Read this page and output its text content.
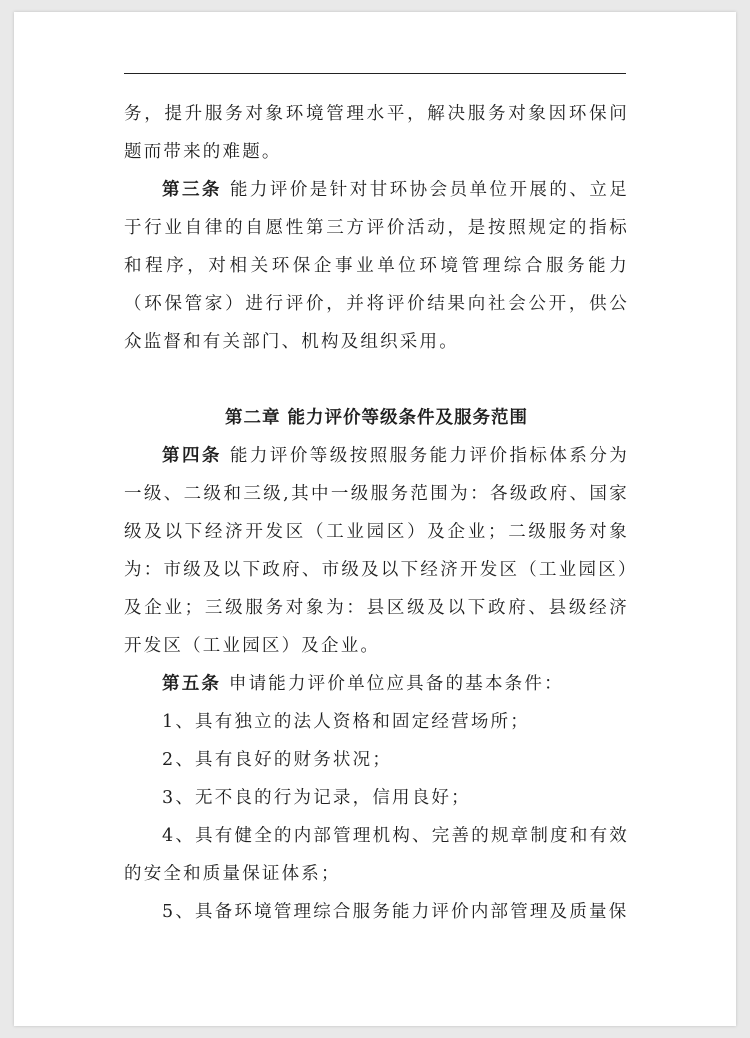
务，提升服务对象环境管理水平，解决服务对象因环保问题而带来的难题。

第三条 能力评价是针对甘环协会员单位开展的、立足于行业自律的自愿性第三方评价活动，是按照规定的指标和程序，对相关环保企事业单位环境管理综合服务能力（环保管家）进行评价，并将评价结果向社会公开，供公众监督和有关部门、机构及组织采用。

第二章 能力评价等级条件及服务范围

第四条 能力评价等级按照服务能力评价指标体系分为一级、二级和三级,其中一级服务范围为：各级政府、国家级及以下经济开发区（工业园区）及企业；二级服务对象为：市级及以下政府、市级及以下经济开发区（工业园区）及企业；三级服务对象为：县区级及以下政府、县级经济开发区（工业园区）及企业。

第五条 申请能力评价单位应具备的基本条件：

1、具有独立的法人资格和固定经营场所；

2、具有良好的财务状况；

3、无不良的行为记录，信用良好；

4、具有健全的内部管理机构、完善的规章制度和有效的安全和质量保证体系；

5、具备环境管理综合服务能力评价内部管理及质量保
